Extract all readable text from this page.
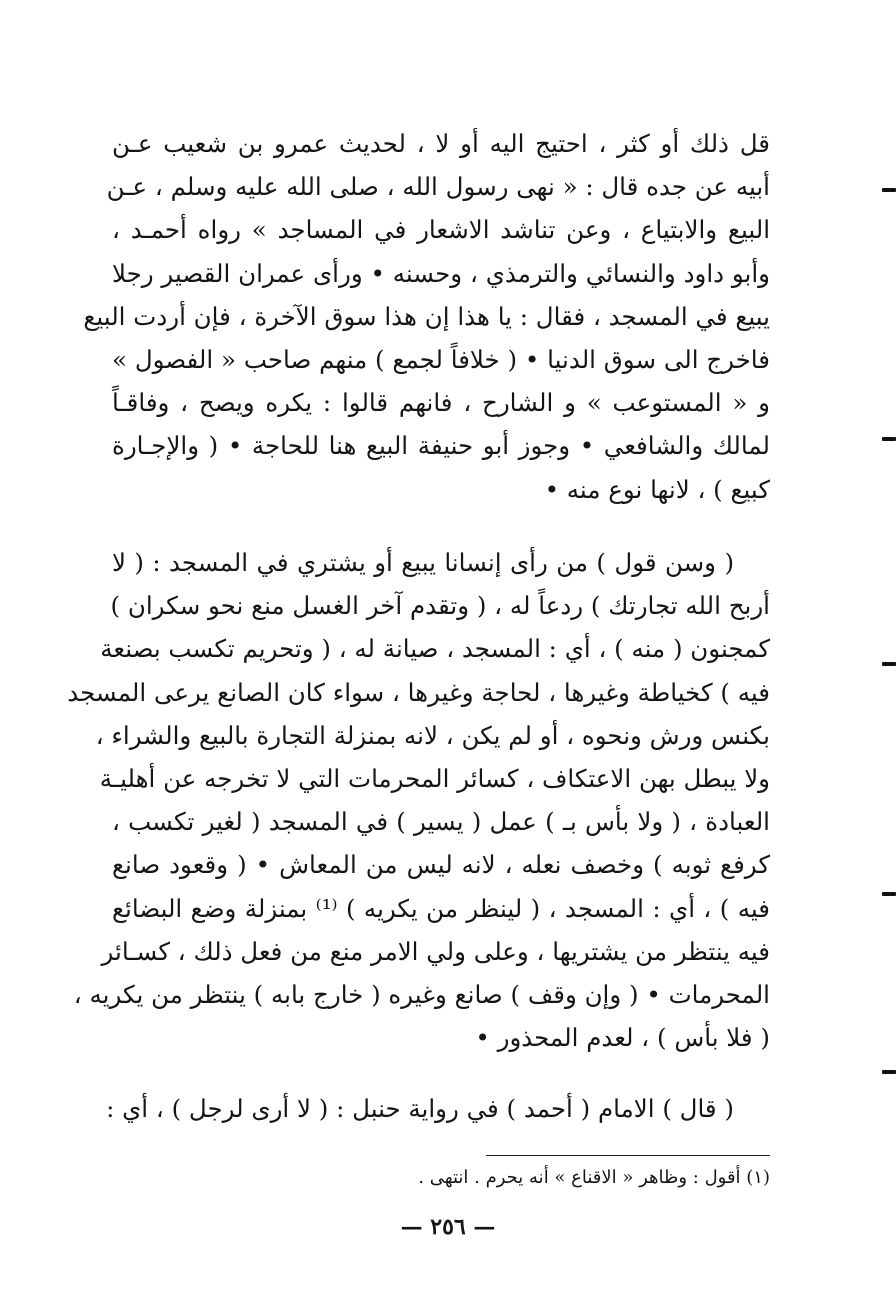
قل ذلك أو كثر ، احتيج اليه أو لا ، لحديث عمرو بن شعيب عـن
أبيه عن جده قال : « نهى رسول الله ، صلى الله عليه وسلم ، عـن
البيع والابتياع ، وعن تناشد الاشعار في المساجد » رواه أحمـد ،
وأبو داود والنسائي والترمذي ، وحسنه • ورأى عمران القصير رجلا
يبيع في المسجد ، فقال : يا هذا إن هذا سوق الآخرة ، فإن أردت البيع
فاخرج الى سوق الدنيا • ( خلافاً لجمع ) منهم صاحب « الفصول »
و « المستوعب » و الشارح ، فانهم قالوا : يكره ويصح ، وفاقـاً
لمالك والشافعي • وجوز أبو حنيفة البيع هنا للحاجة • ( والإجـارة
كبيع ) ، لانها نوع منه •
( وسن قول ) من رأى إنسانا يبيع أو يشتري في المسجد : ( لا
أربح الله تجارتك ) ردعاً له ، ( وتقدم آخر الغسل منع نحو سكران )
كمجنون ( منه ) ، أي : المسجد ، صيانة له ، ( وتحريم تكسب بصنعة
فيه ) كخياطة وغيرها ، لحاجة وغيرها ، سواء كان الصانع يرعى المسجد
بكنس ورش ونحوه ، أو لم يكن ، لانه بمنزلة التجارة بالبيع والشراء ،
ولا يبطل بهن الاعتكاف ، كسائر المحرمات التي لا تخرجه عن أهليـة
العبادة ، ( ولا بأس بـ ) عمل ( يسير ) في المسجد ( لغير تكسب ،
كرفع ثوبه ) وخصف نعله ، لانه ليس من المعاش • ( وقعود صانع
فيه ) ، أي : المسجد ، ( لينظر من يكريه ) ⁽¹⁾ بمنزلة وضع البضائع
فيه ينتظر من يشتريها ، وعلى ولي الامر منع من فعل ذلك ، كسـائر
المحرمات • ( وإن وقف ) صانع وغيره ( خارج بابه ) ينتظر من يكريه ،
( فلا بأس ) ، لعدم المحذور •
( قال ) الامام ( أحمد ) في رواية حنبل : ( لا أرى لرجل ) ، أي :
(١) أقول : وظاهر « الاقناع » أنه يحرم . انتهى .
— ٢٥٦ —
